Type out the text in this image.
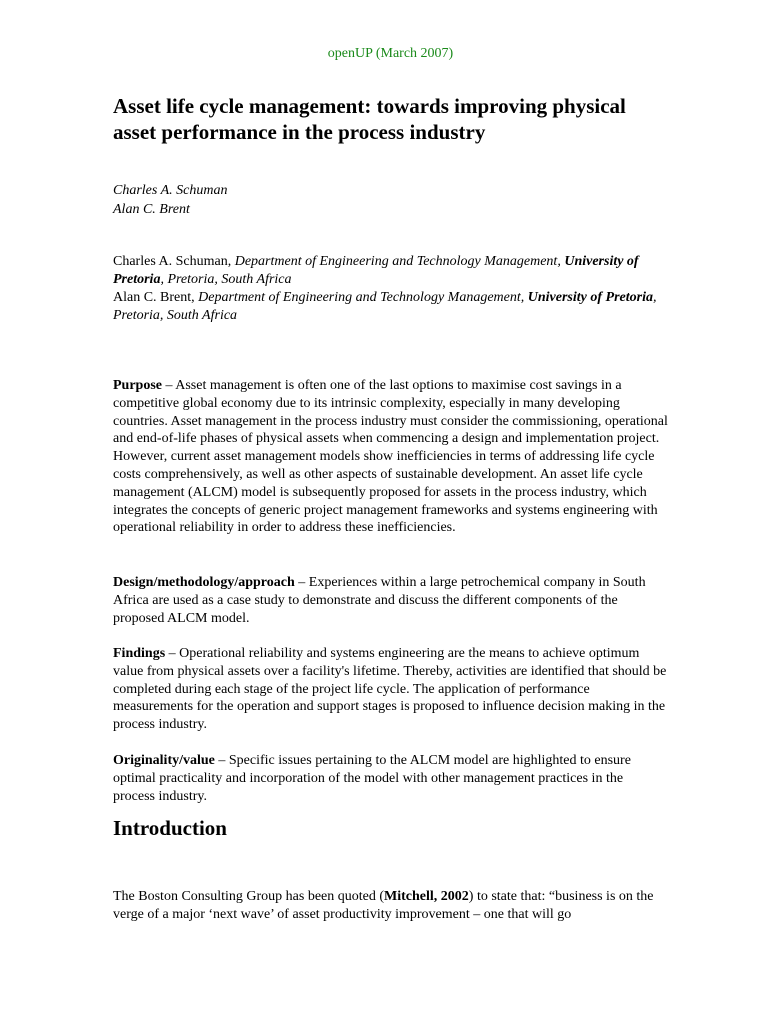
openUP (March 2007)
Asset life cycle management: towards improving physical asset performance in the process industry
Charles A. Schuman
Alan C. Brent

Charles A. Schuman, Department of Engineering and Technology Management, University of Pretoria, Pretoria, South Africa

Alan C. Brent, Department of Engineering and Technology Management, University of Pretoria, Pretoria, South Africa

Purpose – Asset management is often one of the last options to maximise cost savings in a competitive global economy due to its intrinsic complexity, especially in many developing countries. Asset management in the process industry must consider the commissioning, operational and end-of-life phases of physical assets when commencing a design and implementation project. However, current asset management models show inefficiencies in terms of addressing life cycle costs comprehensively, as well as other aspects of sustainable development. An asset life cycle management (ALCM) model is subsequently proposed for assets in the process industry, which integrates the concepts of generic project management frameworks and systems engineering with operational reliability in order to address these inefficiencies.

Design/methodology/approach – Experiences within a large petrochemical company in South Africa are used as a case study to demonstrate and discuss the different components of the proposed ALCM model.

Findings – Operational reliability and systems engineering are the means to achieve optimum value from physical assets over a facility's lifetime. Thereby, activities are identified that should be completed during each stage of the project life cycle. The application of performance measurements for the operation and support stages is proposed to influence decision making in the process industry.

Originality/value – Specific issues pertaining to the ALCM model are highlighted to ensure optimal practicality and incorporation of the model with other management practices in the process industry.

Introduction

The Boston Consulting Group has been quoted (Mitchell, 2002) to state that: “business is on the verge of a major ‘next wave’ of asset productivity improvement – one that will go
